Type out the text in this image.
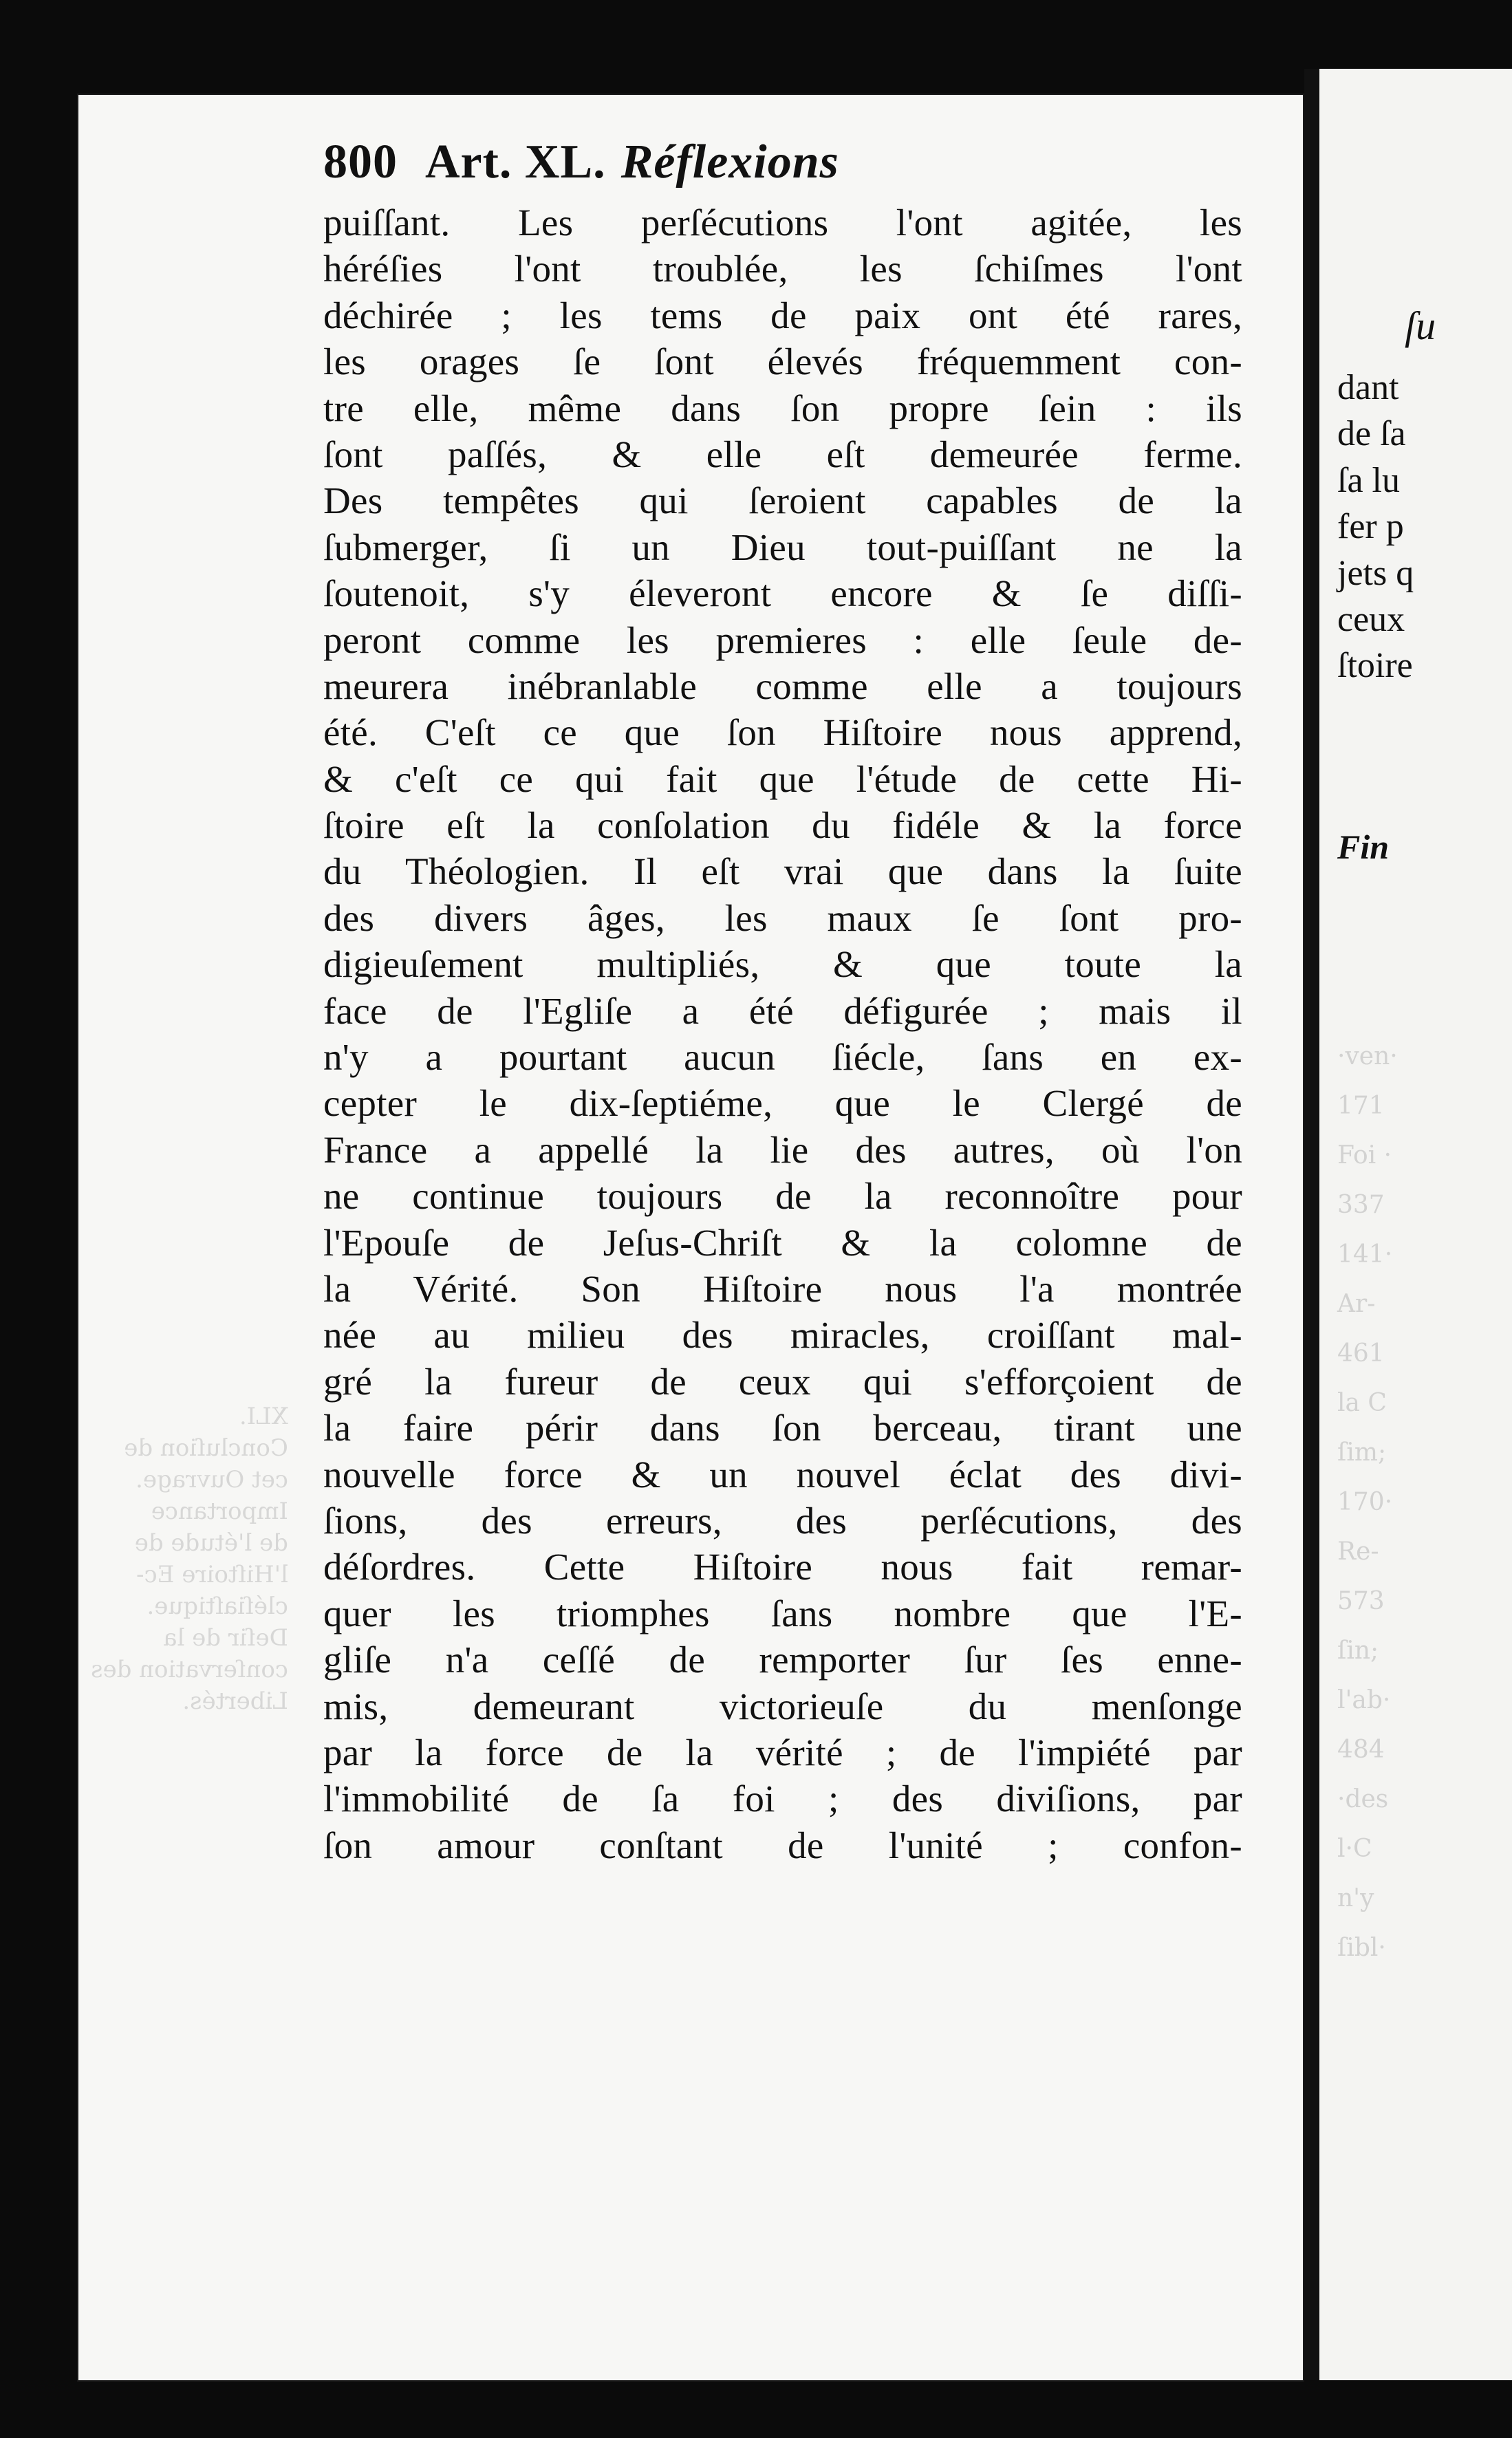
XLI.
Concluſion de
cet Ouvrage.
Importance
de l'étude de
l'Hiſtoire Ec-
cléſiaſtique.
Deſir de la
conſervation des
Libertés.
800 Art. XL. Réflexions
puiſſant. Les perſécutions l'ont agitée, les
héréſies l'ont troublée, les ſchiſmes l'ont
déchirée ; les tems de paix ont été rares,
les orages ſe ſont élevés fréquemment con-
tre elle, même dans ſon propre ſein : ils
ſont paſſés, & elle eſt demeurée ferme.
Des tempêtes qui ſeroient capables de la
ſubmerger, ſi un Dieu tout-puiſſant ne la
ſoutenoit, s'y éleveront encore & ſe diſſi-
peront comme les premieres : elle ſeule de-
meurera inébranlable comme elle a toujours
été. C'eſt ce que ſon Hiſtoire nous apprend,
& c'eſt ce qui fait que l'étude de cette Hi-
ſtoire eſt la conſolation du fidéle & la force
du Théologien. Il eſt vrai que dans la ſuite
des divers âges, les maux ſe ſont pro-
digieuſement multipliés, & que toute la
face de l'Egliſe a été défigurée ; mais il
n'y a pourtant aucun ſiécle, ſans en ex-
cepter le dix-ſeptiéme, que le Clergé de
France a appellé la lie des autres, où l'on
ne continue toujours de la reconnoître pour
l'Epouſe de Jeſus-Chriſt & la colomne de
la Vérité. Son Hiſtoire nous l'a montrée
née au milieu des miracles, croiſſant mal-
gré la fureur de ceux qui s'efforçoient de
la faire périr dans ſon berceau, tirant une
nouvelle force & un nouvel éclat des divi-
ſions, des erreurs, des perſécutions, des
déſordres. Cette Hiſtoire nous fait remar-
quer les triomphes ſans nombre que l'E-
gliſe n'a ceſſé de remporter ſur ſes enne-
mis, demeurant victorieuſe du menſonge
par la force de la vérité ; de l'impiété par
l'immobilité de ſa foi ; des diviſions, par
ſon amour conſtant de l'unité ; confon-
ſu
dant
de ſa
ſa lu
fer p
jets q
ceux
ſtoire
Fin
·ven·
171
Foi ·
337
141·
Ar-
461
la C
ſim;
170·
Re-
573
ſin;
l'ab·
484
·des
l·C
n'y
ſibl·
